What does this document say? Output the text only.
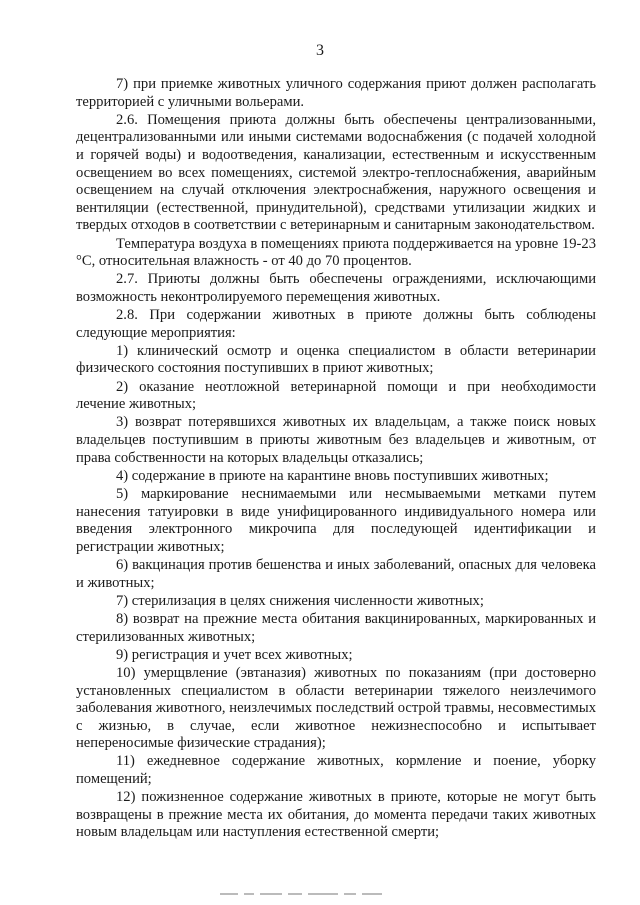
3

7) при приемке животных уличного содержания приют должен располагать территорией с уличными вольерами.

2.6. Помещения приюта должны быть обеспечены централизованными, децентрализованными или иными системами водоснабжения (с подачей холодной и горячей воды) и водоотведения, канализации, естественным и искусственным освещением во всех помещениях, системой электро-теплоснабжения, аварийным освещением на случай отключения электроснабжения, наружного освещения и вентиляции (естественной, принудительной), средствами утилизации жидких и твердых отходов в соответствии с ветеринарным и санитарным законодательством.

Температура воздуха в помещениях приюта поддерживается на уровне 19-23 °С, относительная влажность - от 40 до 70 процентов.

2.7. Приюты должны быть обеспечены ограждениями, исключающими возможность неконтролируемого перемещения животных.

2.8. При содержании животных в приюте должны быть соблюдены следующие мероприятия:

1) клинический осмотр и оценка специалистом в области ветеринарии физического состояния поступивших в приют животных;

2) оказание неотложной ветеринарной помощи и при необходимости лечение животных;

3) возврат потерявшихся животных их владельцам, а также поиск новых владельцев поступившим в приюты животным без владельцев и животным, от права собственности на которых владельцы отказались;

4) содержание в приюте на карантине вновь поступивших животных;

5) маркирование неснимаемыми или несмываемыми метками путем нанесения татуировки в виде унифицированного индивидуального номера или введения электронного микрочипа для последующей идентификации и регистрации животных;

6) вакцинация против бешенства и иных заболеваний, опасных для человека и животных;

7) стерилизация в целях снижения численности животных;

8) возврат на прежние места обитания вакцинированных, маркированных и стерилизованных животных;

9) регистрация и учет всех животных;

10) умерщвление (эвтаназия) животных по показаниям (при достоверно установленных специалистом в области ветеринарии тяжелого неизлечимого заболевания животного, неизлечимых последствий острой травмы, несовместимых с жизнью, в случае, если животное нежизнеспособно и испытывает непереносимые физические страдания);

11) ежедневное содержание животных, кормление и поение, уборку помещений;

12) пожизненное содержание животных в приюте, которые не могут быть возвращены в прежние места их обитания, до момента передачи таких животных новым владельцам или наступления естественной смерти;
